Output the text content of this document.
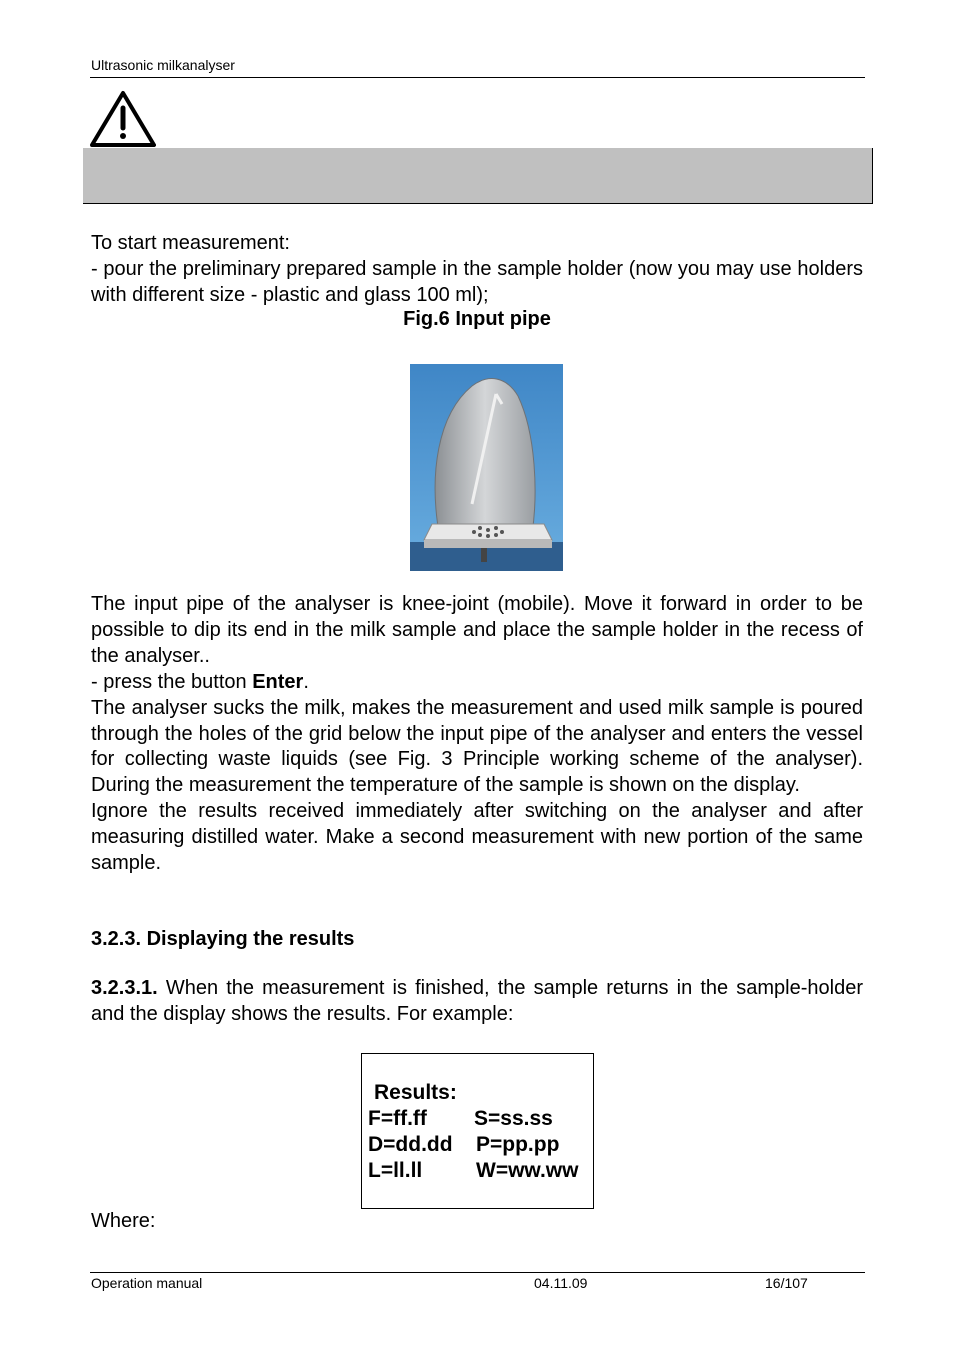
Ultrasonic milkanalyser

To start measurement:

- pour the preliminary prepared sample in the sample holder (now you may use holders with different size - plastic and glass 100 ml);

Fig.6 Input pipe

The input pipe of the analyser is knee-joint (mobile). Move it forward in order to be possible to dip its end in the milk sample and place the sample holder in the recess of the analyser..

- press the button Enter.

The analyser sucks the milk, makes the measurement and used milk sample is poured through the holes of the grid below the input pipe of the analyser and enters the vessel for collecting waste liquids (see Fig. 3 Principle working scheme of the analyser). During the measurement the temperature of the sample is shown on the display.

Ignore the results received immediately after switching on the analyser and after measuring distilled water. Make a second measurement with new portion of the same sample.

3.2.3. Displaying the results

3.2.3.1. When the measurement is finished, the sample returns in the sample-holder and the display shows the results. For example:

Results:
F=ff.ff S=ss.ss
D=dd.dd P=pp.pp
L=ll.ll	W=ww.ww
Where:
Operation manual	04.11.09	16/107
